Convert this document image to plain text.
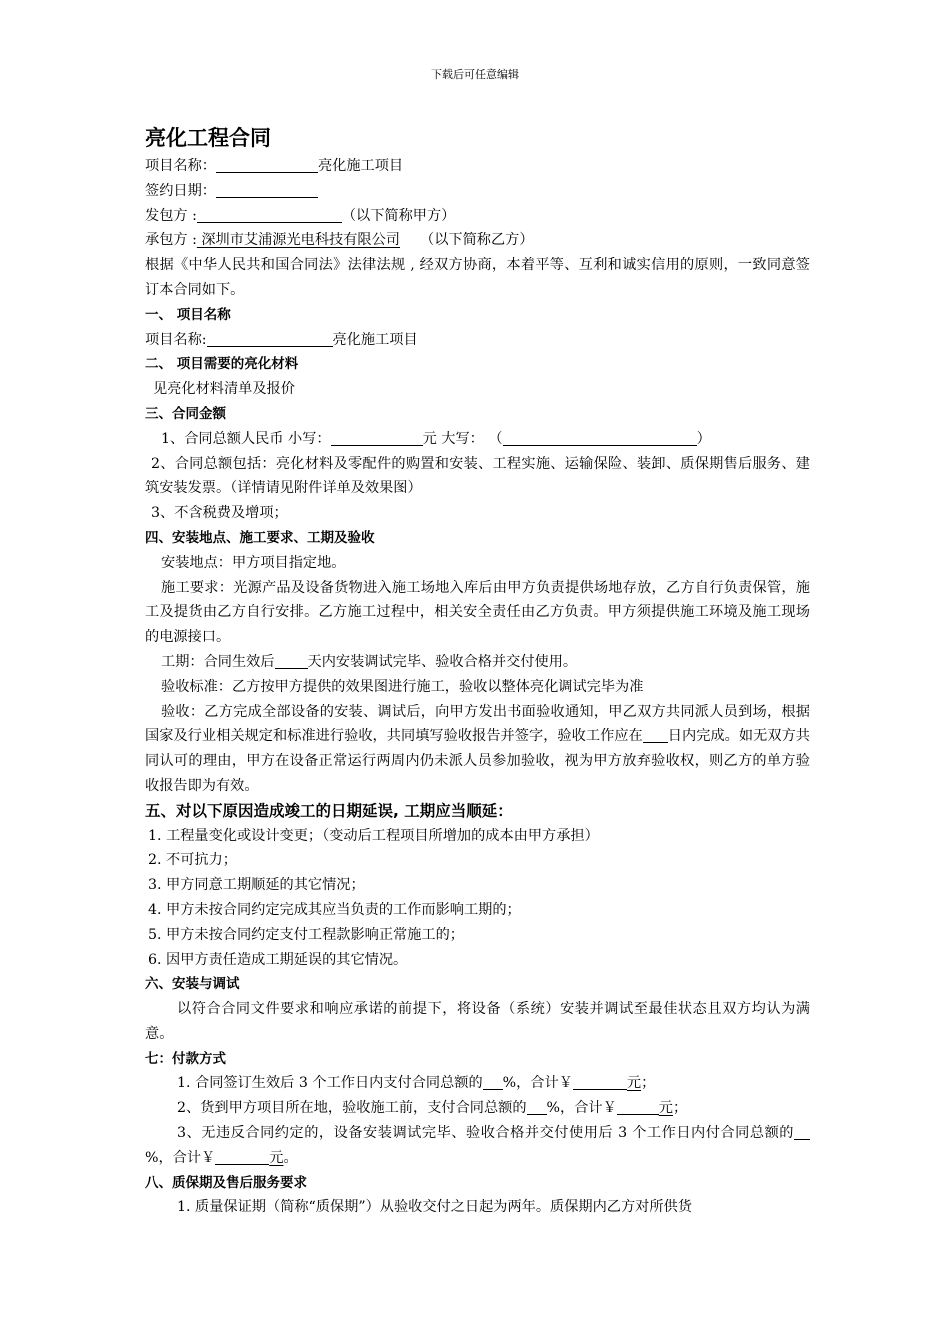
下载后可任意编辑
亮化工程合同
项目名称：	亮化施工项目
签约日期：
发包方 :	（以下简称甲方）
承包方 : 深圳市艾浦源光电科技有限公司 （以下简称乙方）
根据《中华人民共和国合同法》法律法规 , 经双方协商，本着平等、互利和诚实信用的原则，一致同意签订本合同如下。
一、 项目名称
项目名称:	亮化施工项目
二、 项目需要的亮化材料
见亮化材料清单及报价
三、合同金额
1、合同总额人民币 小写：	元 大写： （	）
2、合同总额包括：亮化材料及零配件的购置和安装、工程实施、运输保险、装卸、质保期售后服务、建筑安装发票。（详情请见附件详单及效果图）
3、不含税费及增项；
四、安装地点、施工要求、工期及验收
安装地点：甲方项目指定地。
施工要求：光源产品及设备货物进入施工场地入库后由甲方负责提供场地存放，乙方自行负责保管，施工及提货由乙方自行安排。乙方施工过程中，相关安全责任由乙方负责。甲方须提供施工环境及施工现场的电源接口。
工期：合同生效后 天内安装调试完毕、验收合格并交付使用。
验收标准：乙方按甲方提供的效果图进行施工，验收以整体亮化调试完毕为准
验收：乙方完成全部设备的安装、调试后，向甲方发出书面验收通知，甲乙双方共同派人员到场，根据国家及行业相关规定和标准进行验收，共同填写验收报告并签字，验收工作应在 日内完成。如无双方共同认可的理由，甲方在设备正常运行两周内仍未派人员参加验收，视为甲方放弃验收权，则乙方的单方验收报告即为有效。
五、对以下原因造成竣工的日期延误, 工期应当顺延：
1. 工程量变化或设计变更；（变动后工程项目所增加的成本由甲方承担）
2. 不可抗力；
3. 甲方同意工期顺延的其它情况；
4. 甲方未按合同约定完成其应当负责的工作而影响工期的；
5. 甲方未按合同约定支付工程款影响正常施工的；
6. 因甲方责任造成工期延误的其它情况。
六、安装与调试
以符合合同文件要求和响应承诺的前提下，将设备（系统）安装并调试至最佳状态且双方均认为满意。
七：付款方式
1. 合同签订生效后 3 个工作日内支付合同总额的 %，合计￥	元；
2、货到甲方项目所在地，验收施工前，支付合同总额的 %，合计￥	元；
3、无违反合同约定的，设备安装调试完毕、验收合格并交付使用后 3 个工作日内付合同总额的 %，合计￥	元。
八、质保期及售后服务要求
1. 质量保证期（简称“质保期”）从验收交付之日起为两年。质保期内乙方对所供货
